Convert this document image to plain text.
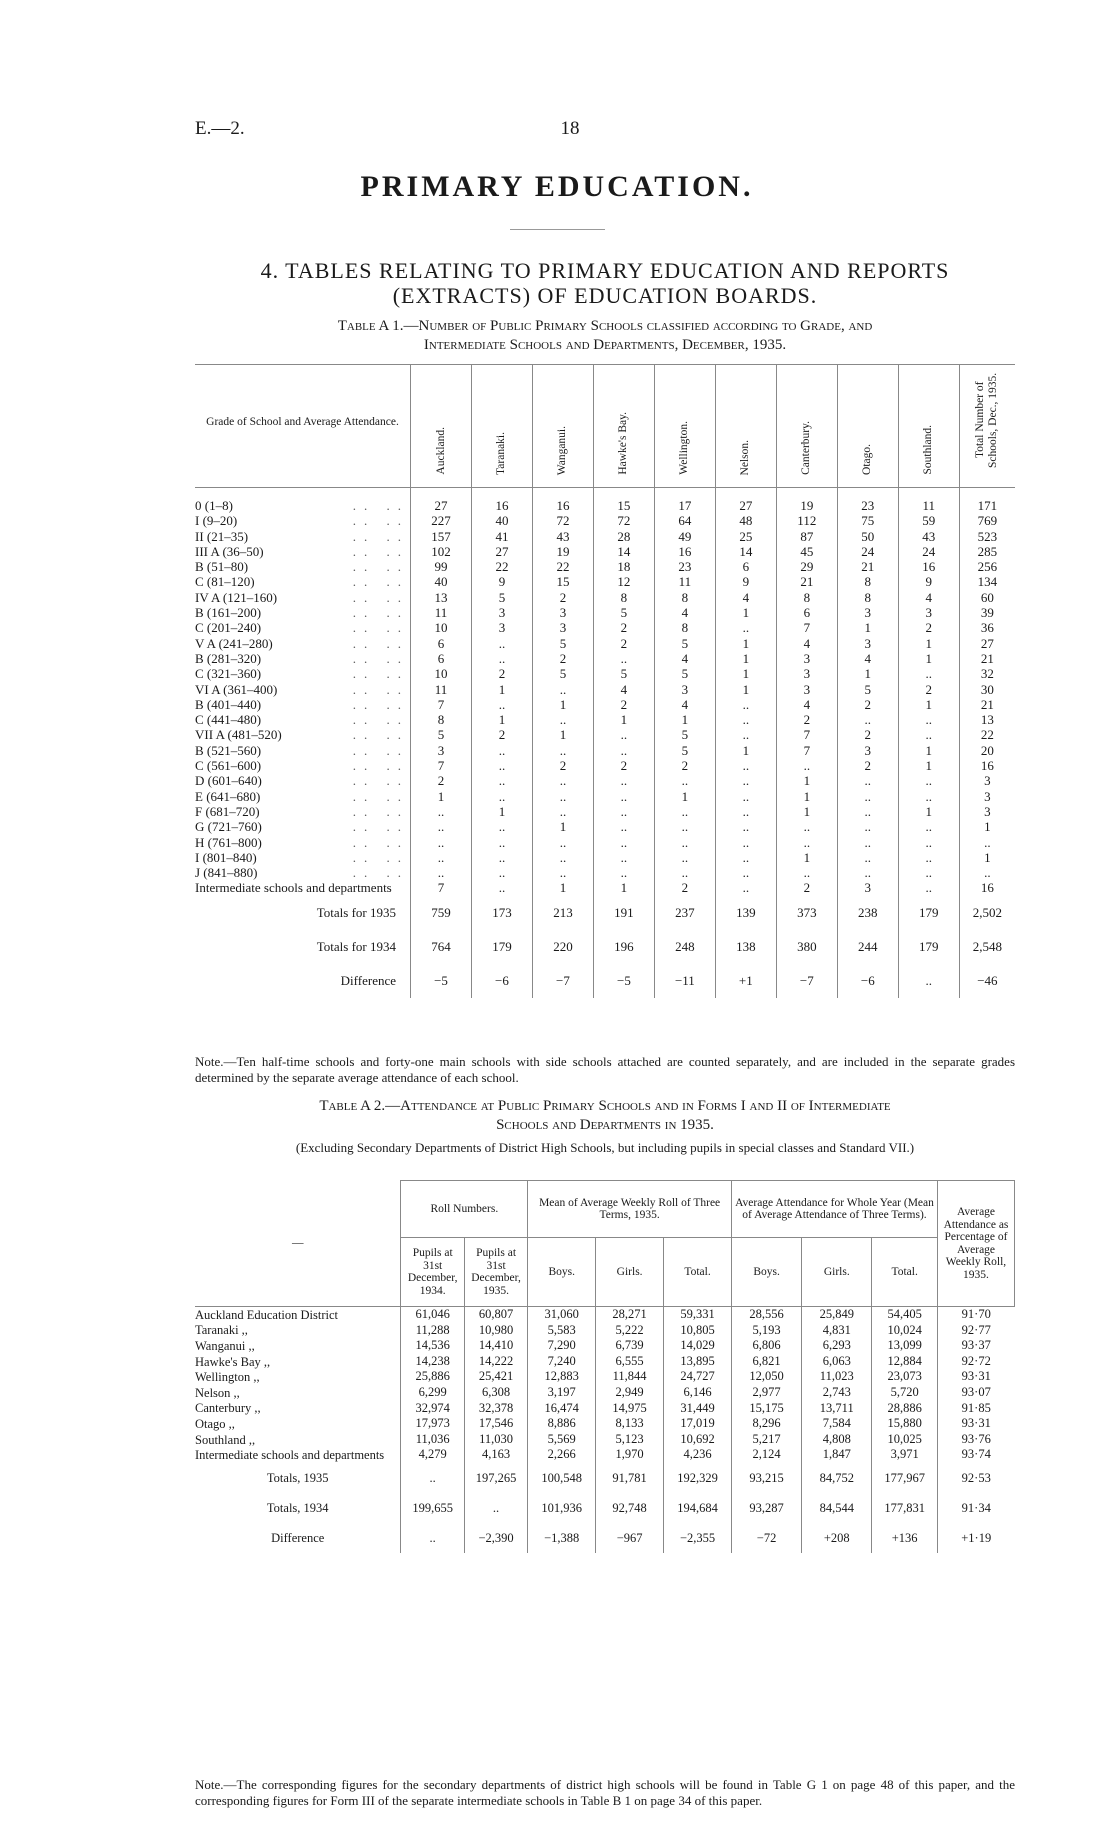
E.—2.	18
PRIMARY EDUCATION.
4. TABLES RELATING TO PRIMARY EDUCATION AND REPORTS
(EXTRACTS) OF EDUCATION BOARDS.
Table A 1.—Number of Public Primary Schools classified according to Grade, and
Intermediate Schools and Departments, December, 1935.
Grade of School and Average Attendance.		Auckland.	Taranaki.	Wanganui.	Hawke's Bay.	Wellington.	Nelson.	Canterbury.	Otago.	Southland.	Total Number of Schools, Dec., 1935.
0 (1–8)	.. ..	27	16	16	15	17	27	19	23	11	171
I (9–20)	.. ..	227	40	72	72	64	48	112	75	59	769
II (21–35)	.. ..	157	41	43	28	49	25	87	50	43	523
III A (36–50)	.. ..	102	27	19	14	16	14	45	24	24	285
B (51–80)	.. ..	99	22	22	18	23	6	29	21	16	256
C (81–120)	.. ..	40	9	15	12	11	9	21	8	9	134
IV A (121–160)	.. ..	13	5	2	8	8	4	8	8	4	60
B (161–200)	.. ..	11	3	3	5	4	1	6	3	3	39
C (201–240)	.. ..	10	3	3	2	8	..	7	1	2	36
V A (241–280)	.. ..	6	..	5	2	5	1	4	3	1	27
B (281–320)	.. ..	6	..	2	..	4	1	3	4	1	21
C (321–360)	.. ..	10	2	5	5	5	1	3	1	..	32
VI A (361–400)	.. ..	11	1	..	4	3	1	3	5	2	30
B (401–440)	.. ..	7	..	1	2	4	..	4	2	1	21
C (441–480)	.. ..	8	1	..	1	1	..	2	..	..	13
VII A (481–520)	.. ..	5	2	1	..	5	..	7	2	..	22
B (521–560)	.. ..	3	..	..	..	5	1	7	3	1	20
C (561–600)	.. ..	7	..	2	2	2	..	..	2	1	16
D (601–640)	.. ..	2	..	..	..	..	..	1	..	..	3
E (641–680)	.. ..	1	..	..	..	1	..	1	..	..	3
F (681–720)	.. ..	..	1	..	..	..	..	1	..	1	3
G (721–760)	.. ..	..	..	1	..	..	..	..	..	..	1
H (761–800)	.. ..	..	..	..	..	..	..	..	..	..	..
I (801–840)	.. ..	..	..	..	..	..	..	1	..	..	1
J (841–880)	.. ..	..	..	..	..	..	..	..	..	..	..
Intermediate schools and departments		7	..	1	1	2	..	2	3	..	16
Totals for 1935		759	173	213	191	237	139	373	238	179	2,502
Totals for 1934		764	179	220	196	248	138	380	244	179	2,548
Difference		−5	−6	−7	−5	−11	+1	−7	−6	..	−46
Note.—Ten half-time schools and forty-one main schools with side schools attached are counted separately, and are included in the separate grades determined by the separate average attendance of each school.
Table A 2.—Attendance at Public Primary Schools and in Forms I and II of Intermediate
Schools and Departments in 1935.
—	Roll Numbers.		Mean of Average Weekly Roll of Three Terms, 1935.			Average Attendance for Whole Year (Mean of Average Attendance of Three Terms).			Average Attendance as Percentage of Average Weekly Roll, 1935.
	Pupils at 31st December, 1934.	Pupils at 31st December, 1935.	Boys.	Girls.	Total.	Boys.	Girls.	Total.	
Auckland Education District	61,046	60,807	31,060	28,271	59,331	28,556	25,849	54,405	91·70
Taranaki ,,	11,288	10,980	5,583	5,222	10,805	5,193	4,831	10,024	92·77
Wanganui ,,	14,536	14,410	7,290	6,739	14,029	6,806	6,293	13,099	93·37
Hawke's Bay ,,	14,238	14,222	7,240	6,555	13,895	6,821	6,063	12,884	92·72
Wellington ,,	25,886	25,421	12,883	11,844	24,727	12,050	11,023	23,073	93·31
Nelson ,,	6,299	6,308	3,197	2,949	6,146	2,977	2,743	5,720	93·07
Canterbury ,,	32,974	32,378	16,474	14,975	31,449	15,175	13,711	28,886	91·85
Otago ,,	17,973	17,546	8,886	8,133	17,019	8,296	7,584	15,880	93·31
Southland ,,	11,036	11,030	5,569	5,123	10,692	5,217	4,808	10,025	93·76
Intermediate schools and departments	4,279	4,163	2,266	1,970	4,236	2,124	1,847	3,971	93·74
Totals, 1935	..	197,265	100,548	91,781	192,329	93,215	84,752	177,967	92·53
Totals, 1934	199,655	..	101,936	92,748	194,684	93,287	84,544	177,831	91·34
Difference	..	−2,390	−1,388	−967	−2,355	−72	+208	+136	+1·19
Note.—The corresponding figures for the secondary departments of district high schools will be found in Table G 1 on page 48 of this paper, and the corresponding figures for Form III of the separate intermediate schools in Table B 1 on page 34 of this paper.
(Excluding Secondary Departments of District High Schools, but including pupils in special classes and Standard VII.)
